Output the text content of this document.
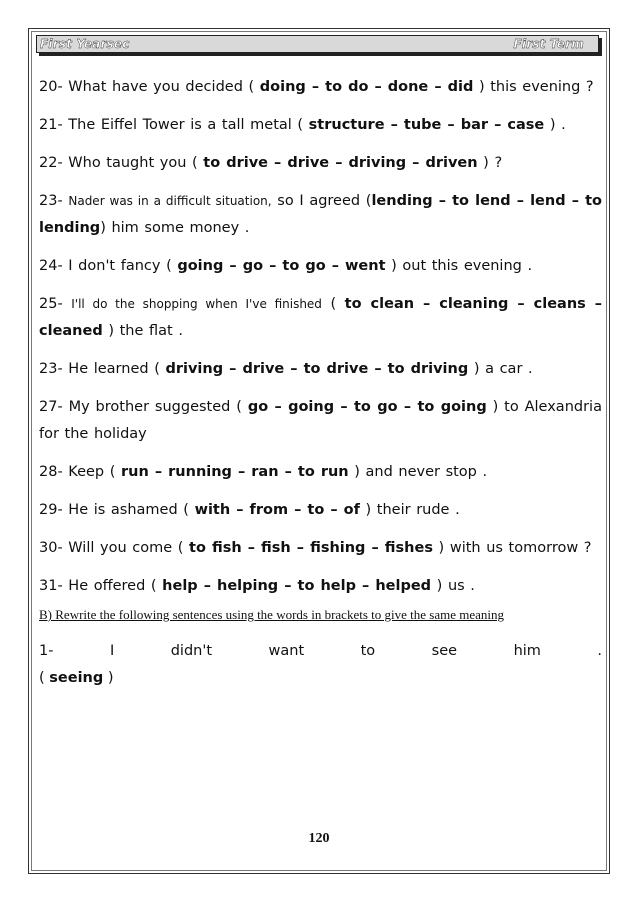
First Yearsec	First Term

20- What have you decided ( doing – to do – done – did ) this evening ?

21- The Eiffel Tower is a tall metal ( structure – tube – bar – case ) .

22- Who taught you ( to drive – drive – driving – driven ) ?

23- Nader was in a difficult situation, so I agreed (lending – to lend – lend – to lending) him some money .

24- I don't fancy ( going – go – to go – went ) out this evening .

25- I'll do the shopping when I've finished ( to clean – cleaning – cleans – cleaned ) the flat .

23- He learned ( driving – drive – to drive – to driving ) a car .

27- My brother suggested ( go – going – to go – to going ) to Alexandria for the holiday

28- Keep ( run – running – ran – to run ) and never stop .

29- He is ashamed ( with – from – to – of ) their rude .

30- Will you come ( to fish – fish – fishing – fishes ) with us tomorrow ?

31- He offered ( help – helping – to help – helped ) us .

B) Rewrite the following sentences using the words in brackets to give the same meaning
1-	I	didn't	want	to	see	him	.
( seeing )
120
